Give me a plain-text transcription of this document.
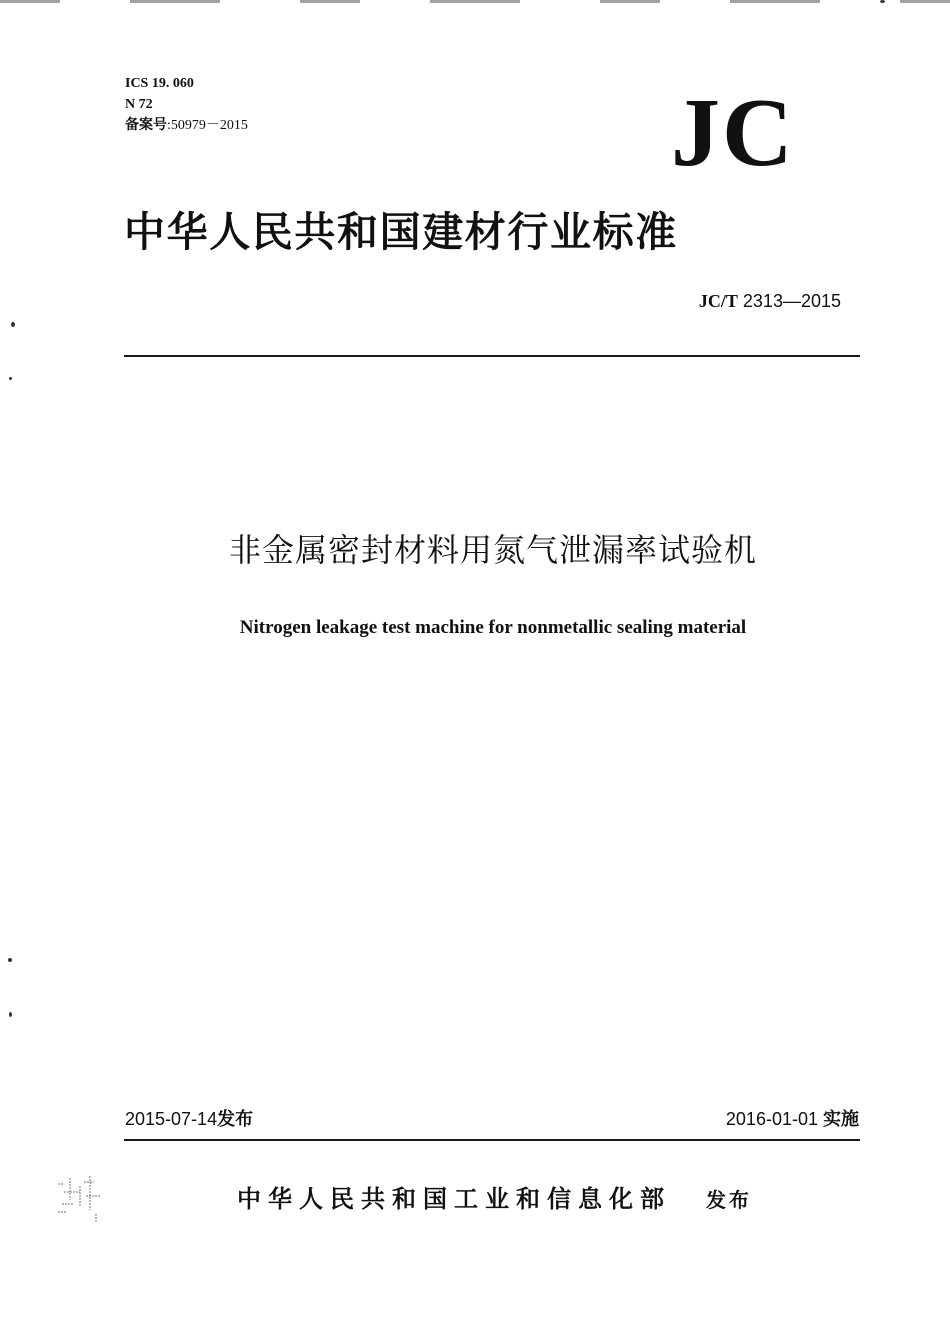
ICS 19. 060
N 72
备案号:50979－2015	JC
中华人民共和国建材行业标准
JC/T 2313—2015
非金属密封材料用氮气泄漏率试验机
Nitrogen leakage test machine for nonmetallic sealing material
2015-07-14发布	2016-01-01 实施
中华人民共和国工业和信息化部 发布
